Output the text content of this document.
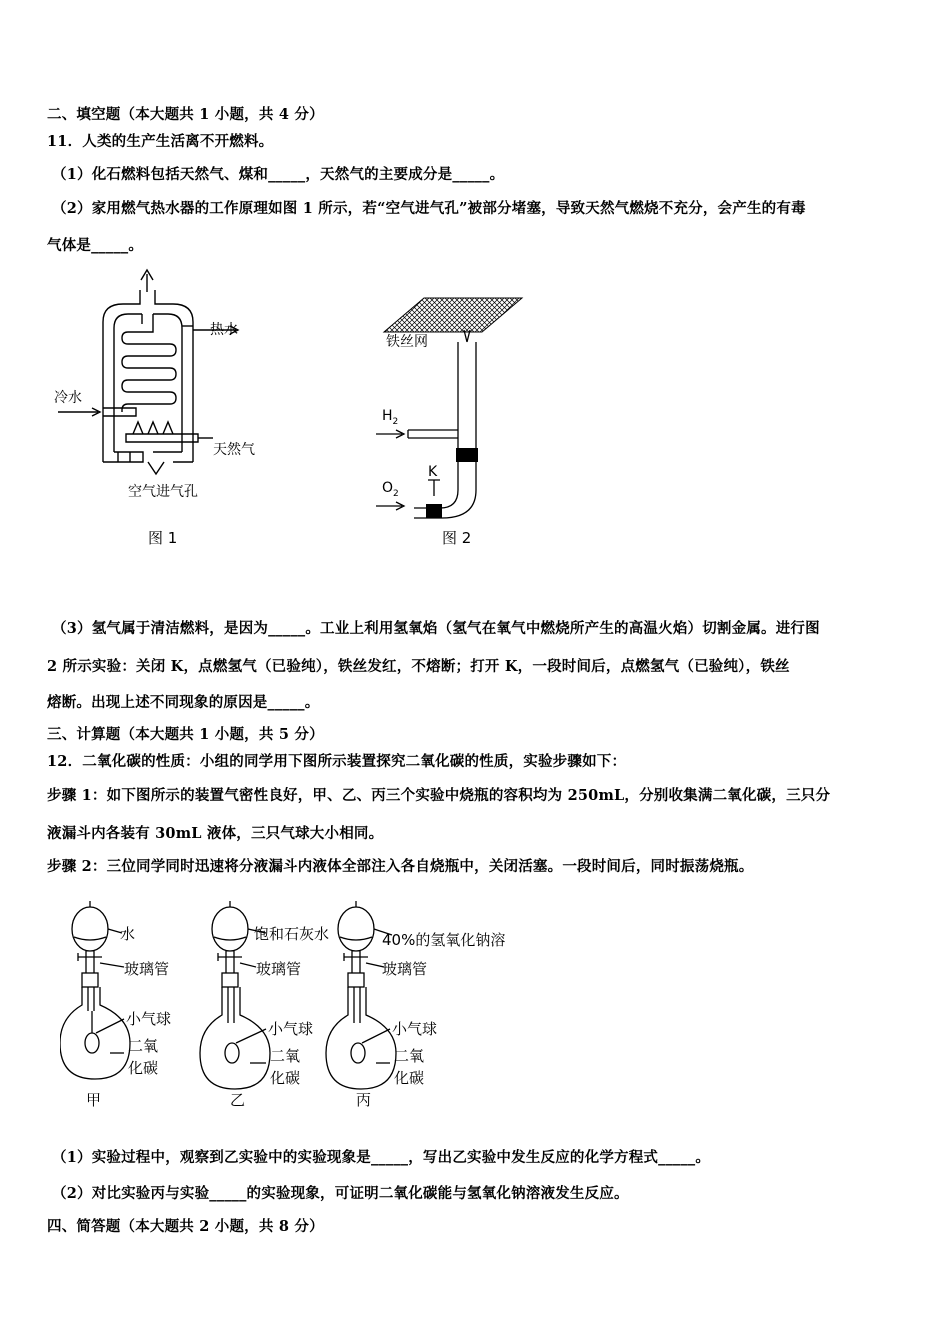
二、填空题（本大题共 1 小题，共 4 分）
11．人类的生产生活离不开燃料。
（1）化石燃料包括天然气、煤和_____，天然气的主要成分是_____。
（2）家用燃气热水器的工作原理如图 1 所示，若“空气进气孔”被部分堵塞，导致天然气燃烧不充分，会产生的有毒
气体是_____。
热水
冷水
天然气
空气进气孔
图 1
铁丝网
$H_2$
$O_2$
K
图 2
（3）氢气属于清洁燃料，是因为_____。工业上利用氢氧焰（氢气在氧气中燃烧所产生的高温火焰）切割金属。进行图
2 所示实验：关闭 K，点燃氢气（已验纯），铁丝发红，不熔断；打开 K，一段时间后，点燃氢气（已验纯），铁丝
熔断。出现上述不同现象的原因是_____。
三、计算题（本大题共 1 小题，共 5 分）
12．二氧化碳的性质：小组的同学用下图所示装置探究二氧化碳的性质，实验步骤如下：
步骤 1：如下图所示的装置气密性良好，甲、乙、丙三个实验中烧瓶的容积均为 250mL，分别收集满二氧化碳，三只分
液漏斗内各装有 30mL 液体，三只气球大小相同。
步骤 2：三位同学同时迅速将分液漏斗内液体全部注入各自烧瓶中，关闭活塞。一段时间后，同时振荡烧瓶。
水
玻璃管
小气球
二氧
化碳
甲
饱和石灰水
玻璃管
小气球
二氧
化碳
乙
40%的氢氧化钠溶
玻璃管
小气球
二氧
化碳
丙
（1）实验过程中，观察到乙实验中的实验现象是_____，写出乙实验中发生反应的化学方程式_____。
（2）对比实验丙与实验_____的实验现象，可证明二氧化碳能与氢氧化钠溶液发生反应。
四、简答题（本大题共 2 小题，共 8 分）
